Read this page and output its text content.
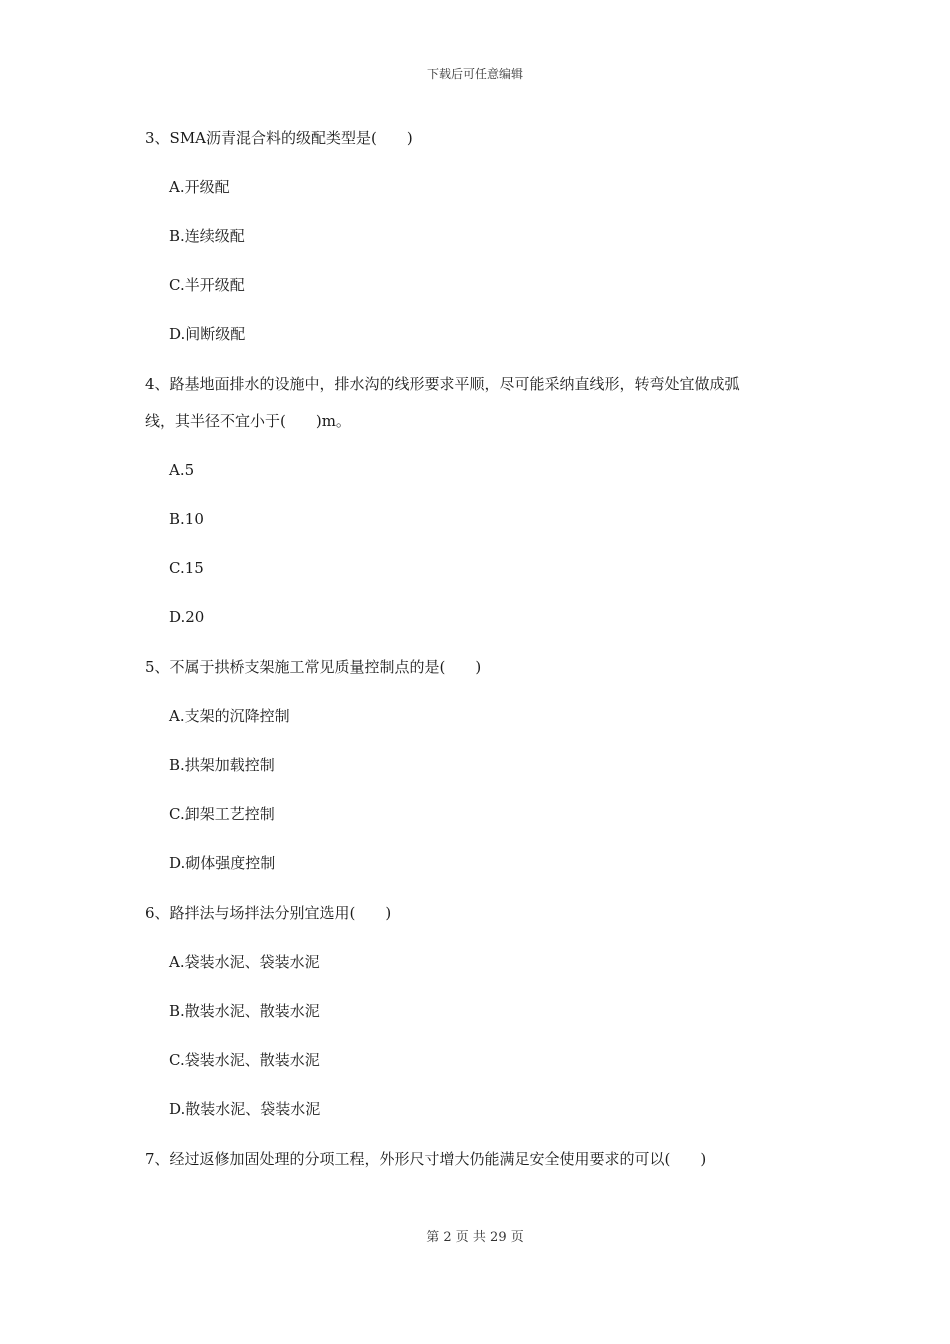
下载后可任意编辑
3、SMA沥青混合料的级配类型是(　　)
A.开级配
B.连续级配
C.半开级配
D.间断级配
4、路基地面排水的设施中，排水沟的线形要求平顺，尽可能采纳直线形，转弯处宜做成弧
线，其半径不宜小于(　　)m。
A.5
B.10
C.15
D.20
5、不属于拱桥支架施工常见质量控制点的是(　　)
A.支架的沉降控制
B.拱架加载控制
C.卸架工艺控制
D.砌体强度控制
6、路拌法与场拌法分别宜选用(　　)
A.袋装水泥、袋装水泥
B.散装水泥、散装水泥
C.袋装水泥、散装水泥
D.散装水泥、袋装水泥
7、经过返修加固处理的分项工程，外形尺寸增大仍能满足安全使用要求的可以(　　)
第 2 页 共 29 页
